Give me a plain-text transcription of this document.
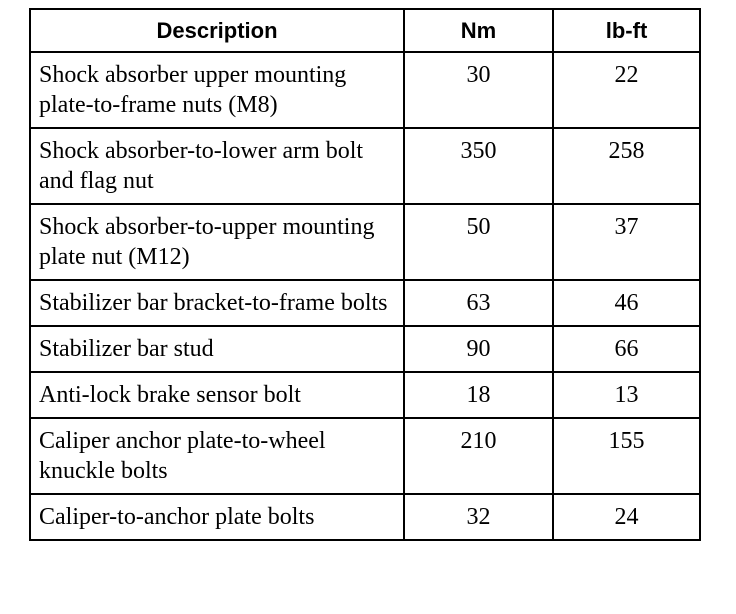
Description	Nm	lb-ft
Shock absorber upper mounting plate-to-frame nuts (M8)	30	22
Shock absorber-to-lower arm bolt and flag nut	350	258
Shock absorber-to-upper mounting plate nut (M12)	50	37
Stabilizer bar bracket-to-frame bolts	63	46
Stabilizer bar stud	90	66
Anti-lock brake sensor bolt	18	13
Caliper anchor plate-to-wheel knuckle bolts	210	155
Caliper-to-anchor plate bolts	32	24
